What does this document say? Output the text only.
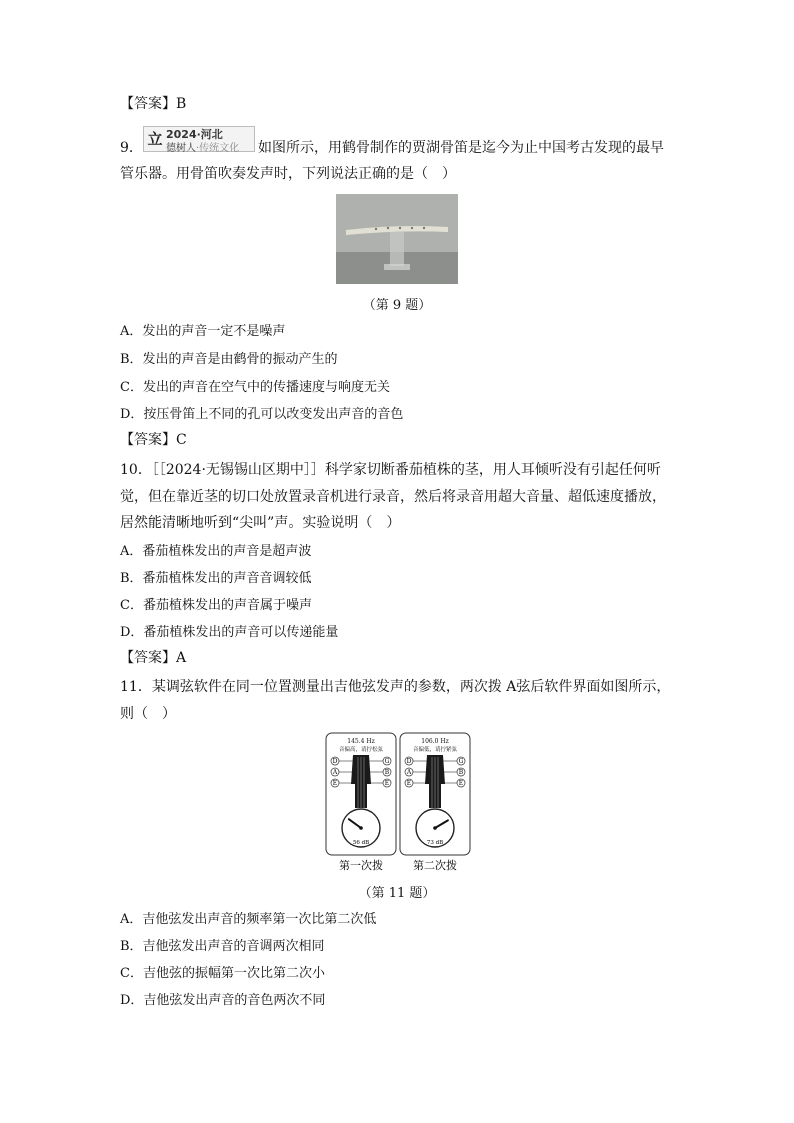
【答案】B
9． 立 2024·河北
德树人·传统文化 如图所示，用鹤骨制作的贾湖骨笛是迄今为止中国考古发现的最早
管乐器。用骨笛吹奏发声时，下列说法正确的是（　）
（第 9 题）
A．发出的声音一定不是噪声
B．发出的声音是由鹤骨的振动产生的
C．发出的声音在空气中的传播速度与响度无关
D．按压骨笛上不同的孔可以改变发出声音的音色
【答案】C
10．［［2024·无锡锡山区期中］］科学家切断番茄植株的茎，用人耳倾听没有引起任何听
觉，但在靠近茎的切口处放置录音机进行录音，然后将录音用超大音量、超低速度播放，
居然能清晰地听到“尖叫”声。实验说明（　）
A．番茄植株发出的声音是超声波
B．番茄植株发出的声音音调较低
C．番茄植株发出的声音属于噪声
D．番茄植株发出的声音可以传递能量
【答案】A
11．某调弦软件在同一位置测量出吉他弦发声的参数，两次拨 A弦后软件界面如图所示，
则（　）
145.4 Hz
音偏高，请拧松弦
D
A
E
G
B
E
56 dB
第一次拨
106.0 Hz
音偏低，请拧紧弦
D
A
E
G
B
E
73 dB
第二次拨
（第 11 题）
A．吉他弦发出声音的频率第一次比第二次低
B．吉他弦发出声音的音调两次相同
C．吉他弦的振幅第一次比第二次小
D．吉他弦发出声音的音色两次不同
